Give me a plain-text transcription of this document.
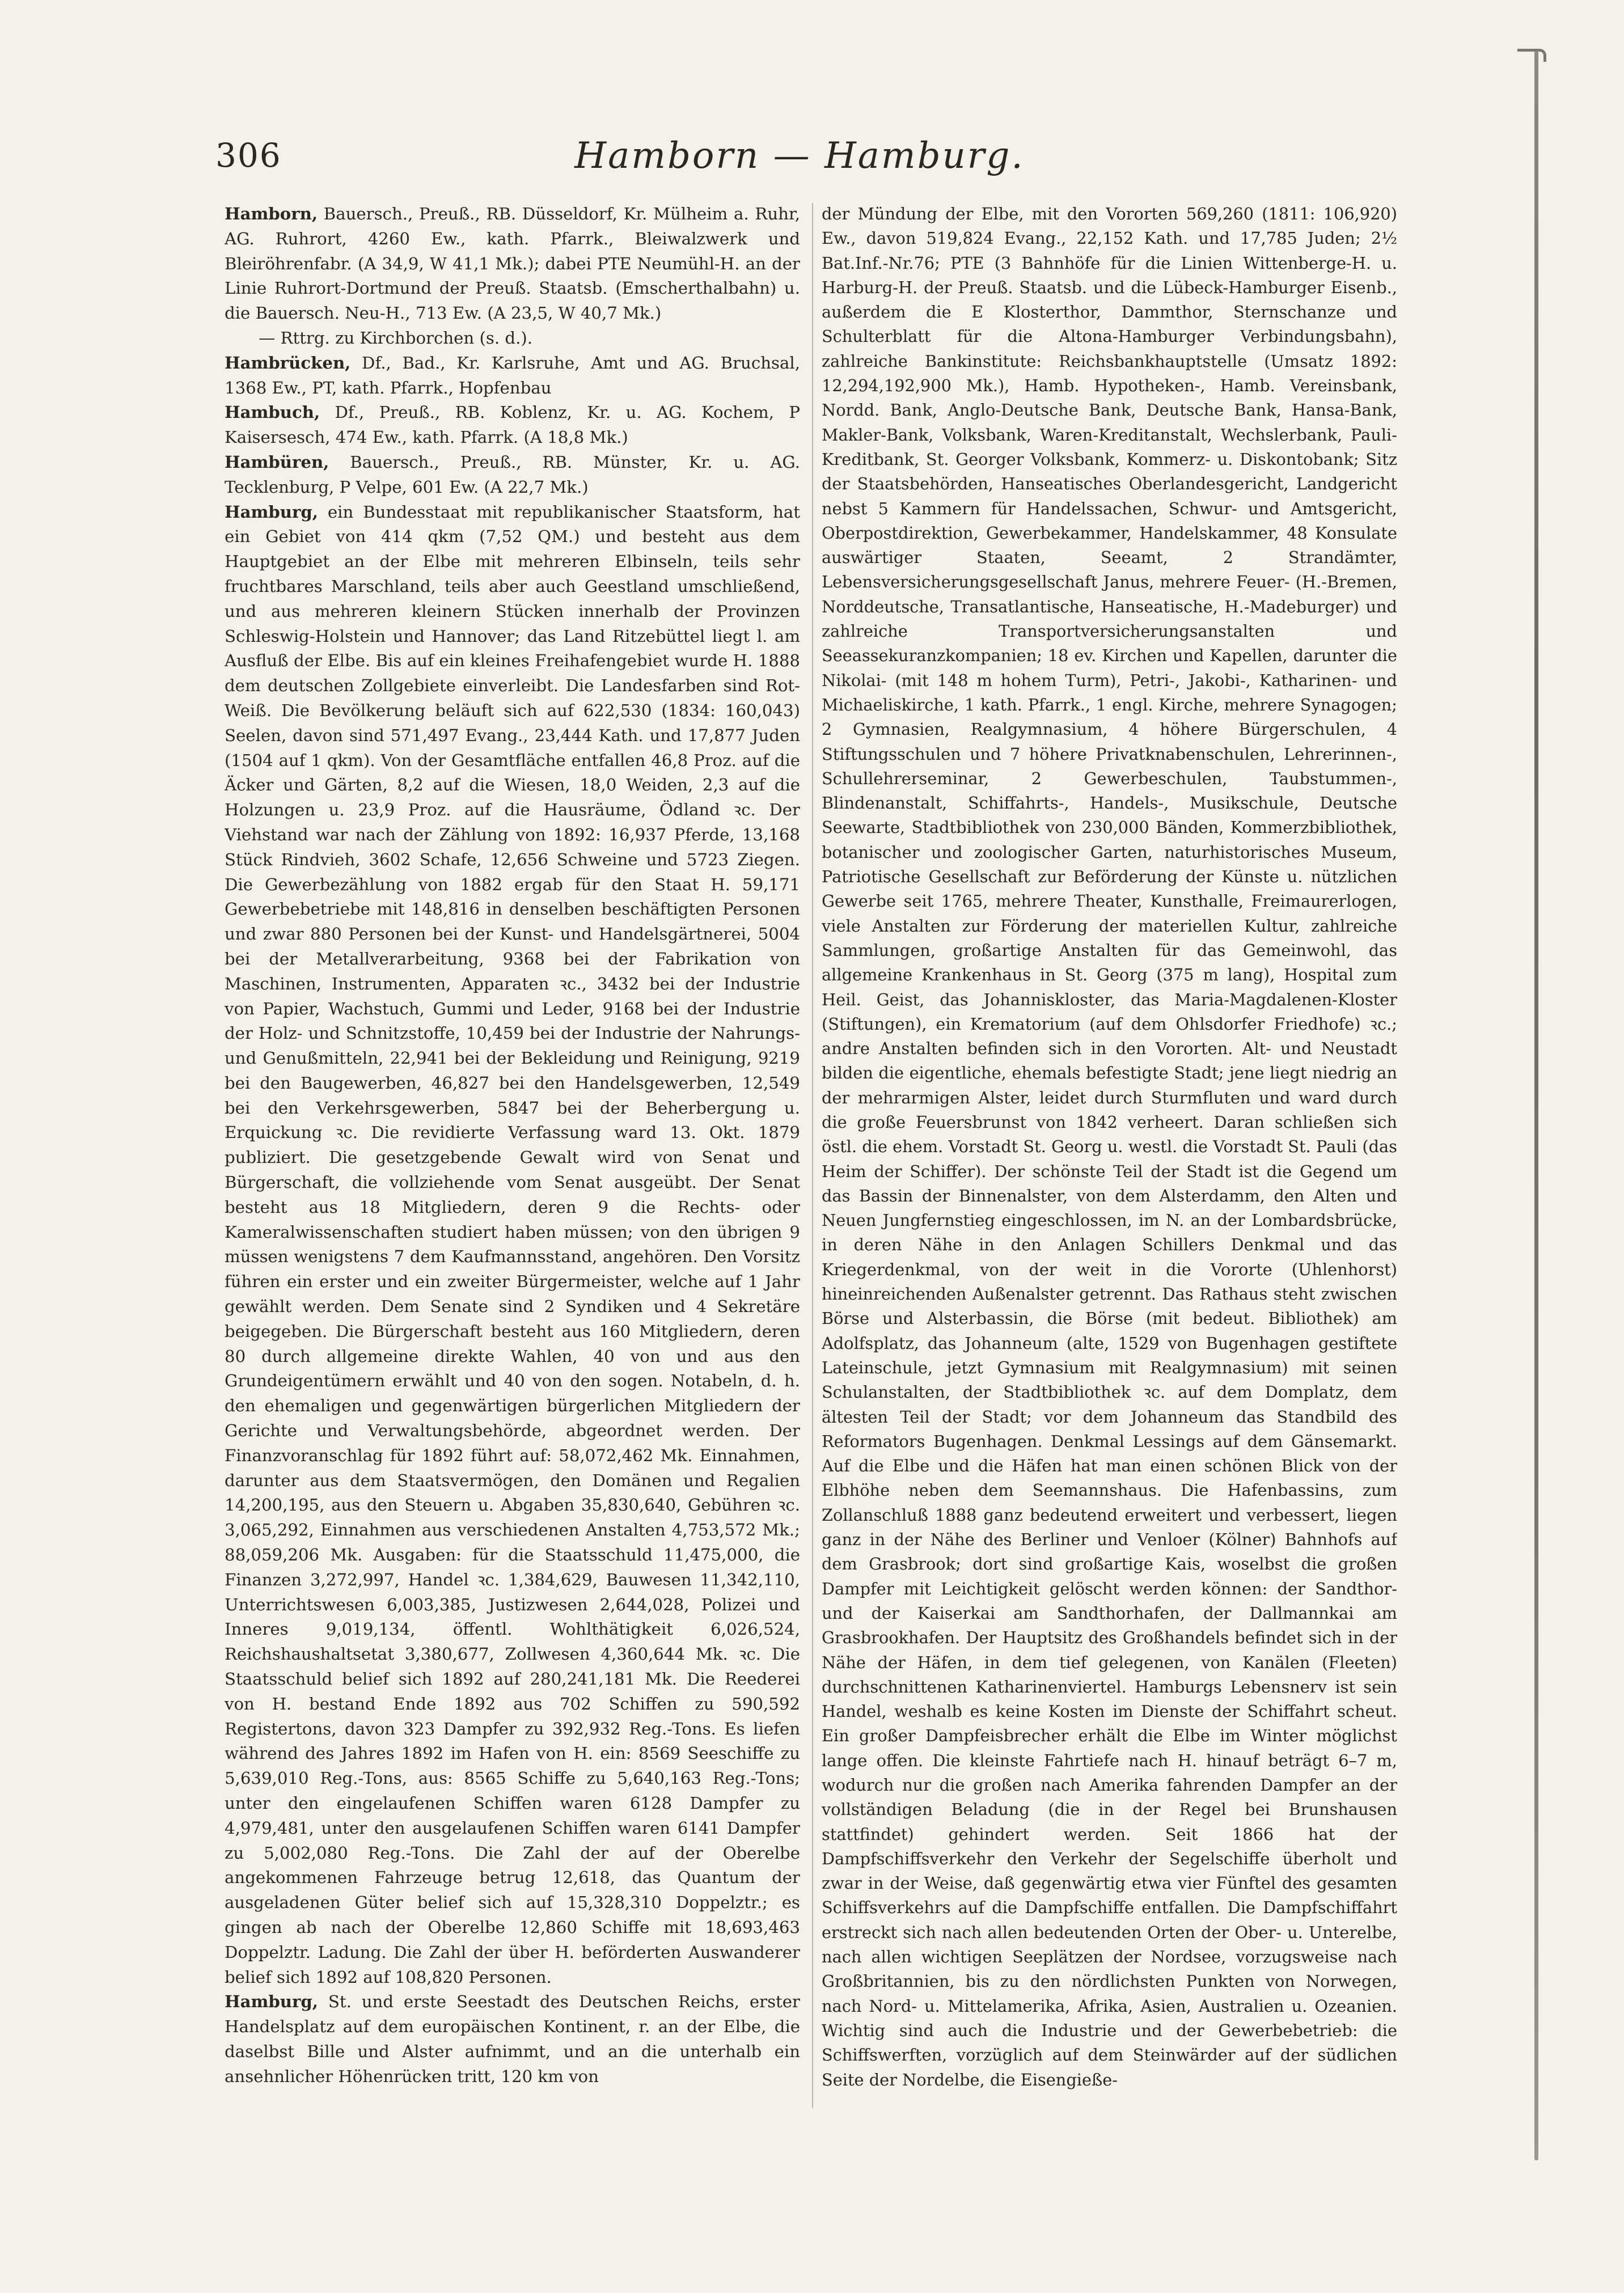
306	Hamborn — Hamburg.

Hamborn, Bauersch., Preuß., RB. Düsseldorf, Kr. Mülheim a. Ruhr, AG. Ruhrort, 4260 Ew., kath. Pfarrk., Bleiwalzwerk und Bleiröhrenfabr. (A 34,9, W 41,1 Mk.); dabei PTE Neumühl-H. an der Linie Ruhrort-Dortmund der Preuß. Staatsb. (Emscherthalbahn) u. die Bauersch. Neu-H., 713 Ew. (A 23,5, W 40,7 Mk.)

— Rttrg. zu Kirchborchen (s. d.).

Hambrücken, Df., Bad., Kr. Karlsruhe, Amt und AG. Bruchsal, 1368 Ew., PT, kath. Pfarrk., Hopfenbau

Hambuch, Df., Preuß., RB. Koblenz, Kr. u. AG. Kochem, P Kaisersesch, 474 Ew., kath. Pfarrk. (A 18,8 Mk.)

Hambüren, Bauersch., Preuß., RB. Münster, Kr. u. AG. Tecklenburg, P Velpe, 601 Ew. (A 22,7 Mk.)

Hamburg, ein Bundesstaat mit republikanischer Staatsform, hat ein Gebiet von 414 qkm (7,52 QM.) und besteht aus dem Hauptgebiet an der Elbe mit mehreren Elbinseln, teils sehr fruchtbares Marschland, teils aber auch Geestland umschließend, und aus mehreren kleinern Stücken innerhalb der Provinzen Schleswig-Holstein und Hannover; das Land Ritzebüttel liegt l. am Ausfluß der Elbe. Bis auf ein kleines Freihafengebiet wurde H. 1888 dem deutschen Zollgebiete einverleibt. Die Landesfarben sind Rot-Weiß. Die Bevölkerung beläuft sich auf 622,530 (1834: 160,043) Seelen, davon sind 571,497 Evang., 23,444 Kath. und 17,877 Juden (1504 auf 1 qkm). Von der Gesamtfläche entfallen 46,8 Proz. auf die Äcker und Gärten, 8,2 auf die Wiesen, 18,0 Weiden, 2,3 auf die Holzungen u. 23,9 Proz. auf die Hausräume, Ödland ꝛc. Der Viehstand war nach der Zählung von 1892: 16,937 Pferde, 13,168 Stück Rindvieh, 3602 Schafe, 12,656 Schweine und 5723 Ziegen. Die Gewerbezählung von 1882 ergab für den Staat H. 59,171 Gewerbebetriebe mit 148,816 in denselben beschäftigten Personen und zwar 880 Personen bei der Kunst- und Handelsgärtnerei, 5004 bei der Metallverarbeitung, 9368 bei der Fabrikation von Maschinen, Instrumenten, Apparaten ꝛc., 3432 bei der Industrie von Papier, Wachstuch, Gummi und Leder, 9168 bei der Industrie der Holz- und Schnitzstoffe, 10,459 bei der Industrie der Nahrungs- und Genußmitteln, 22,941 bei der Bekleidung und Reinigung, 9219 bei den Baugewerben, 46,827 bei den Handelsgewerben, 12,549 bei den Verkehrsgewerben, 5847 bei der Beherbergung u. Erquickung ꝛc. Die revidierte Verfassung ward 13. Okt. 1879 publiziert. Die gesetzgebende Gewalt wird von Senat und Bürgerschaft, die vollziehende vom Senat ausgeübt. Der Senat besteht aus 18 Mitgliedern, deren 9 die Rechts- oder Kameralwissenschaften studiert haben müssen; von den übrigen 9 müssen wenigstens 7 dem Kaufmannsstand, angehören. Den Vorsitz führen ein erster und ein zweiter Bürgermeister, welche auf 1 Jahr gewählt werden. Dem Senate sind 2 Syndiken und 4 Sekretäre beigegeben. Die Bürgerschaft besteht aus 160 Mitgliedern, deren 80 durch allgemeine direkte Wahlen, 40 von und aus den Grundeigentümern erwählt und 40 von den sogen. Notabeln, d. h. den ehemaligen und gegenwärtigen bürgerlichen Mitgliedern der Gerichte und Verwaltungsbehörde, abgeordnet werden. Der Finanzvoranschlag für 1892 führt auf: 58,072,462 Mk. Einnahmen, darunter aus dem Staatsvermögen, den Domänen und Regalien 14,200,195, aus den Steuern u. Abgaben 35,830,640, Gebühren ꝛc. 3,065,292, Einnahmen aus verschiedenen Anstalten 4,753,572 Mk.; 88,059,206 Mk. Ausgaben: für die Staatsschuld 11,475,000, die Finanzen 3,272,997, Handel ꝛc. 1,384,629, Bauwesen 11,342,110, Unterrichtswesen 6,003,385, Justizwesen 2,644,028, Polizei und Inneres 9,019,134, öffentl. Wohlthätigkeit 6,026,524, Reichshaushaltsetat 3,380,677, Zollwesen 4,360,644 Mk. ꝛc. Die Staatsschuld belief sich 1892 auf 280,241,181 Mk. Die Reederei von H. bestand Ende 1892 aus 702 Schiffen zu 590,592 Registertons, davon 323 Dampfer zu 392,932 Reg.-Tons. Es liefen während des Jahres 1892 im Hafen von H. ein: 8569 Seeschiffe zu 5,639,010 Reg.-Tons, aus: 8565 Schiffe zu 5,640,163 Reg.-Tons; unter den eingelaufenen Schiffen waren 6128 Dampfer zu 4,979,481, unter den ausgelaufenen Schiffen waren 6141 Dampfer zu 5,002,080 Reg.-Tons. Die Zahl der auf der Oberelbe angekommenen Fahrzeuge betrug 12,618, das Quantum der ausgeladenen Güter belief sich auf 15,328,310 Doppelztr.; es gingen ab nach der Oberelbe 12,860 Schiffe mit 18,693,463 Doppelztr. Ladung. Die Zahl der über H. beförderten Auswanderer belief sich 1892 auf 108,820 Personen.

Hamburg, St. und erste Seestadt des Deutschen Reichs, erster Handelsplatz auf dem europäischen Kontinent, r. an der Elbe, die daselbst Bille und Alster aufnimmt, und an die unterhalb ein ansehnlicher Höhenrücken tritt, 120 km von

der Mündung der Elbe, mit den Vororten 569,260 (1811: 106,920) Ew., davon 519,824 Evang., 22,152 Kath. und 17,785 Juden; 2½ Bat.Inf.-Nr.76; PTE (3 Bahnhöfe für die Linien Wittenberge-H. u. Harburg-H. der Preuß. Staatsb. und die Lübeck-Hamburger Eisenb., außerdem die E Klosterthor, Dammthor, Sternschanze und Schulterblatt für die Altona-Hamburger Verbindungsbahn), zahlreiche Bankinstitute: Reichsbankhauptstelle (Umsatz 1892: 12,294,192,900 Mk.), Hamb. Hypotheken-, Hamb. Vereinsbank, Nordd. Bank, Anglo-Deutsche Bank, Deutsche Bank, Hansa-Bank, Makler-Bank, Volksbank, Waren-Kreditanstalt, Wechslerbank, Pauli-Kreditbank, St. Georger Volksbank, Kommerz- u. Diskontobank; Sitz der Staatsbehörden, Hanseatisches Oberlandesgericht, Landgericht nebst 5 Kammern für Handelssachen, Schwur- und Amtsgericht, Oberpostdirektion, Gewerbekammer, Handelskammer, 48 Konsulate auswärtiger Staaten, Seeamt, 2 Strandämter, Lebensversicherungsgesellschaft Janus, mehrere Feuer- (H.-Bremen, Norddeutsche, Transatlantische, Hanseatische, H.-Madeburger) und zahlreiche Transportversicherungsanstalten und Seeassekuranzkompanien; 18 ev. Kirchen und Kapellen, darunter die Nikolai- (mit 148 m hohem Turm), Petri-, Jakobi-, Katharinen- und Michaeliskirche, 1 kath. Pfarrk., 1 engl. Kirche, mehrere Synagogen; 2 Gymnasien, Realgymnasium, 4 höhere Bürgerschulen, 4 Stiftungsschulen und 7 höhere Privatknabenschulen, Lehrerinnen-, Schullehrerseminar, 2 Gewerbeschulen, Taubstummen-, Blindenanstalt, Schiffahrts-, Handels-, Musikschule, Deutsche Seewarte, Stadtbibliothek von 230,000 Bänden, Kommerzbibliothek, botanischer und zoologischer Garten, naturhistorisches Museum, Patriotische Gesellschaft zur Beförderung der Künste u. nützlichen Gewerbe seit 1765, mehrere Theater, Kunsthalle, Freimaurerlogen, viele Anstalten zur Förderung der materiellen Kultur, zahlreiche Sammlungen, großartige Anstalten für das Gemeinwohl, das allgemeine Krankenhaus in St. Georg (375 m lang), Hospital zum Heil. Geist, das Johanniskloster, das Maria-Magdalenen-Kloster (Stiftungen), ein Krematorium (auf dem Ohlsdorfer Friedhofe) ꝛc.; andre Anstalten befinden sich in den Vororten. Alt- und Neustadt bilden die eigentliche, ehemals befestigte Stadt; jene liegt niedrig an der mehrarmigen Alster, leidet durch Sturmfluten und ward durch die große Feuersbrunst von 1842 verheert. Daran schließen sich östl. die ehem. Vorstadt St. Georg u. westl. die Vorstadt St. Pauli (das Heim der Schiffer). Der schönste Teil der Stadt ist die Gegend um das Bassin der Binnenalster, von dem Alsterdamm, den Alten und Neuen Jungfernstieg eingeschlossen, im N. an der Lombardsbrücke, in deren Nähe in den Anlagen Schillers Denkmal und das Kriegerdenkmal, von der weit in die Vororte (Uhlenhorst) hineinreichenden Außenalster getrennt. Das Rathaus steht zwischen Börse und Alsterbassin, die Börse (mit bedeut. Bibliothek) am Adolfsplatz, das Johanneum (alte, 1529 von Bugenhagen gestiftete Lateinschule, jetzt Gymnasium mit Realgymnasium) mit seinen Schulanstalten, der Stadtbibliothek ꝛc. auf dem Domplatz, dem ältesten Teil der Stadt; vor dem Johanneum das Standbild des Reformators Bugenhagen. Denkmal Lessings auf dem Gänsemarkt. Auf die Elbe und die Häfen hat man einen schönen Blick von der Elbhöhe neben dem Seemannshaus. Die Hafenbassins, zum Zollanschluß 1888 ganz bedeutend erweitert und verbessert, liegen ganz in der Nähe des Berliner und Venloer (Kölner) Bahnhofs auf dem Grasbrook; dort sind großartige Kais, woselbst die großen Dampfer mit Leichtigkeit gelöscht werden können: der Sandthor- und der Kaiserkai am Sandthorhafen, der Dallmannkai am Grasbrookhafen. Der Hauptsitz des Großhandels befindet sich in der Nähe der Häfen, in dem tief gelegenen, von Kanälen (Fleeten) durchschnittenen Katharinenviertel. Hamburgs Lebensnerv ist sein Handel, weshalb es keine Kosten im Dienste der Schiffahrt scheut. Ein großer Dampfeisbrecher erhält die Elbe im Winter möglichst lange offen. Die kleinste Fahrtiefe nach H. hinauf beträgt 6–7 m, wodurch nur die großen nach Amerika fahrenden Dampfer an der vollständigen Beladung (die in der Regel bei Brunshausen stattfindet) gehindert werden. Seit 1866 hat der Dampfschiffsverkehr den Verkehr der Segelschiffe überholt und zwar in der Weise, daß gegenwärtig etwa vier Fünftel des gesamten Schiffsverkehrs auf die Dampfschiffe entfallen. Die Dampfschiffahrt erstreckt sich nach allen bedeutenden Orten der Ober- u. Unterelbe, nach allen wichtigen Seeplätzen der Nordsee, vorzugsweise nach Großbritannien, bis zu den nördlichsten Punkten von Norwegen, nach Nord- u. Mittelamerika, Afrika, Asien, Australien u. Ozeanien. Wichtig sind auch die Industrie und der Gewerbebetrieb: die Schiffswerften, vorzüglich auf dem Steinwärder auf der südlichen Seite der Nordelbe, die Eisengieße-
